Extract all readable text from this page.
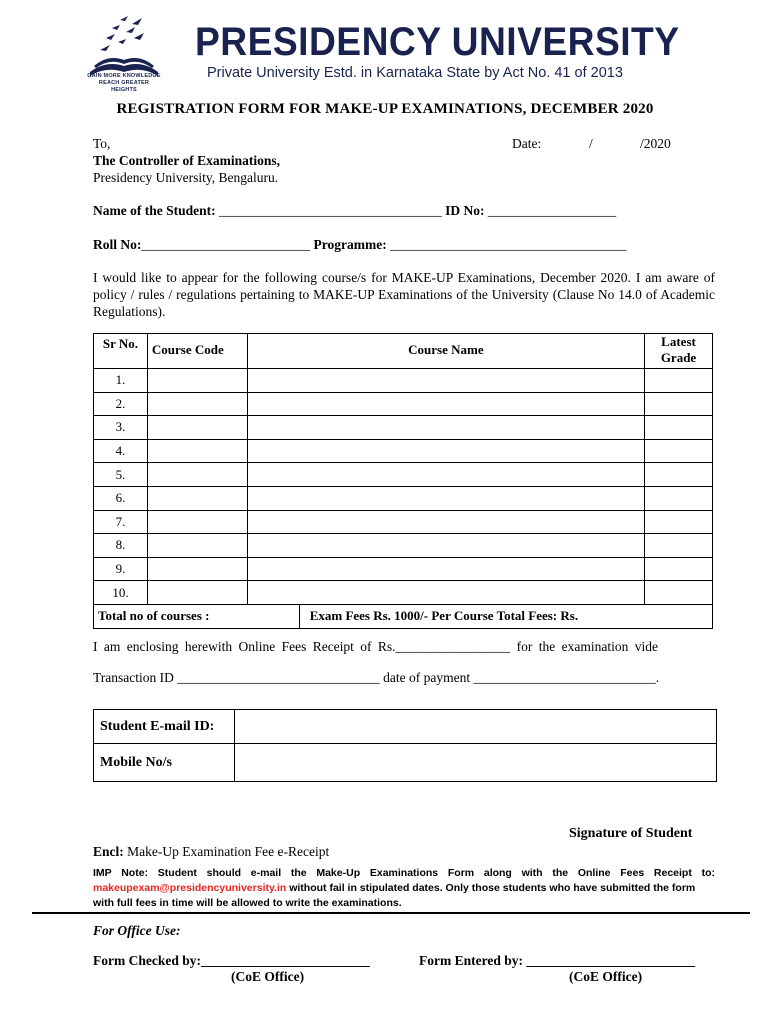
GAIN MORE KNOWLEDGE
REACH GREATER HEIGHTS
PRESIDENCY UNIVERSITY
Private University Estd. in Karnataka State by Act No. 41 of 2013
REGISTRATION FORM FOR MAKE-UP EXAMINATIONS, DECEMBER 2020
To,
The Controller of Examinations,
Presidency University, Bengaluru.
Date:	/	/2020
Name of the Student: _________________________________ ID No: ___________________
Roll No:_________________________ Programme: ___________________________________
I would like to appear for the following course/s for MAKE-UP Examinations, December 2020. I am aware of policy / rules / regulations pertaining to MAKE-UP Examinations of the University (Clause No 14.0 of Academic Regulations).
Sr No.	Course Code	Course Name		Latest Grade

1.				
2.				
3.				
4.				
5.				
6.				
7.				
8.				
9.				
10.				
Total no of courses :			Exam Fees Rs. 1000/- Per Course Total Fees: Rs.	
I am enclosing herewith Online Fees Receipt of Rs._________________ for the examination vide
Transaction ID ______________________________ date of payment ___________________________.
Student E-mail ID:	
Mobile No/s	
Signature of Student
Encl: Make-Up Examination Fee e-Receipt
IMP Note: Student should e-mail the Make-Up Examinations Form along with the Online Fees Receipt to:
makeupexam@presidencyuniversity.in without fail in stipulated dates. Only those students who have submitted the form
with full fees in time will be allowed to write the examinations.
For Office Use:
Form Checked by:_________________________
(CoE Office)
Form Entered by: _________________________
(CoE Office)
